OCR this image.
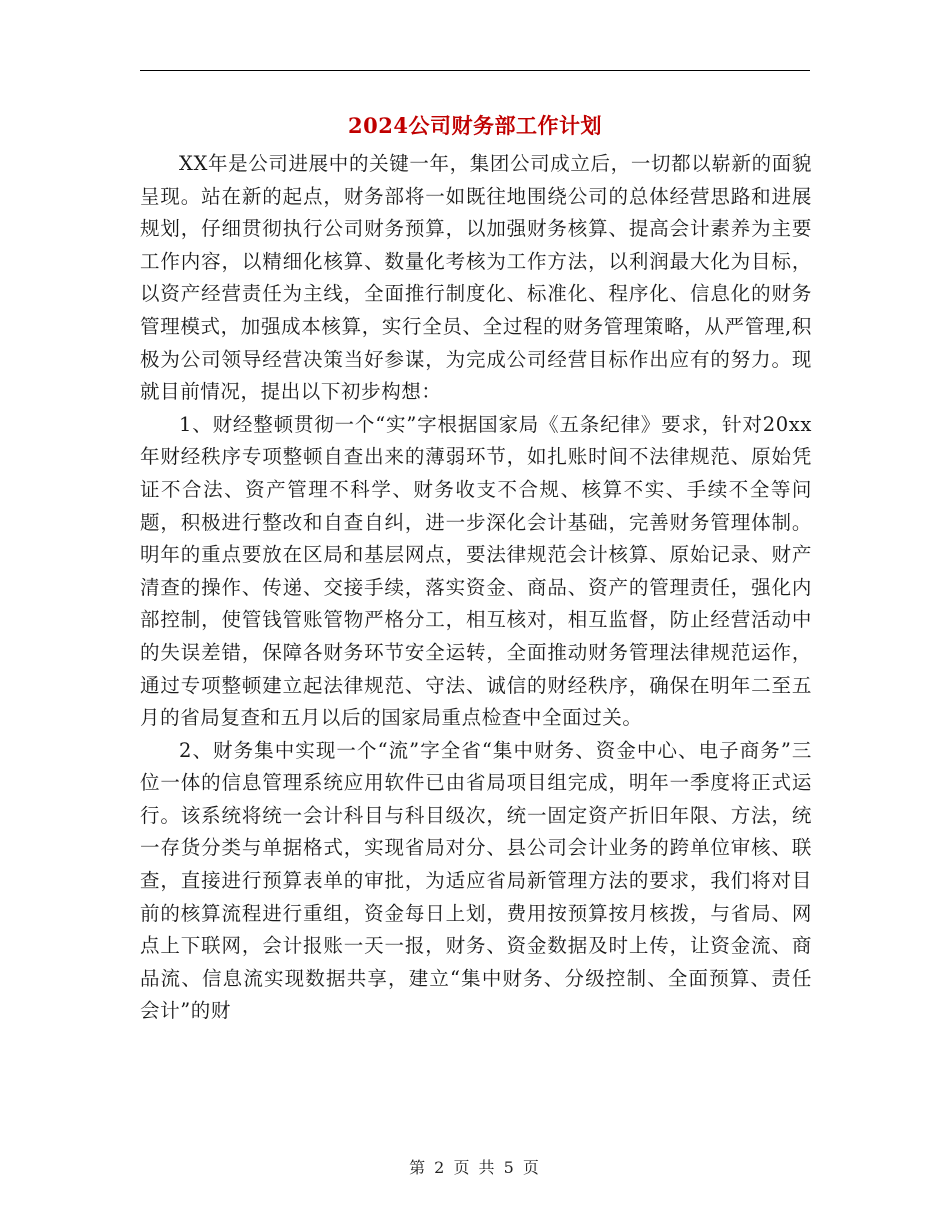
2024公司财务部工作计划

XX年是公司进展中的关键一年，集团公司成立后，一切都以崭新的面貌呈现。站在新的起点，财务部将一如既往地围绕公司的总体经营思路和进展规划，仔细贯彻执行公司财务预算，以加强财务核算、提高会计素养为主要工作内容，以精细化核算、数量化考核为工作方法，以利润最大化为目标，以资产经营责任为主线，全面推行制度化、标准化、程序化、信息化的财务管理模式，加强成本核算，实行全员、全过程的财务管理策略，从严管理,积极为公司领导经营决策当好参谋，为完成公司经营目标作出应有的努力。现就目前情况，提出以下初步构想：

1、财经整顿贯彻一个“实”字根据国家局《五条纪律》要求，针对20xx年财经秩序专项整顿自查出来的薄弱环节，如扎账时间不法律规范、原始凭证不合法、资产管理不科学、财务收支不合规、核算不实、手续不全等问题，积极进行整改和自查自纠，进一步深化会计基础，完善财务管理体制。明年的重点要放在区局和基层网点，要法律规范会计核算、原始记录、财产清查的操作、传递、交接手续，落实资金、商品、资产的管理责任，强化内部控制，使管钱管账管物严格分工，相互核对，相互监督，防止经营活动中的失误差错，保障各财务环节安全运转，全面推动财务管理法律规范运作，通过专项整顿建立起法律规范、守法、诚信的财经秩序，确保在明年二至五月的省局复查和五月以后的国家局重点检查中全面过关。

2、财务集中实现一个“流”字全省“集中财务、资金中心、电子商务”三位一体的信息管理系统应用软件已由省局项目组完成，明年一季度将正式运行。该系统将统一会计科目与科目级次，统一固定资产折旧年限、方法，统一存货分类与单据格式，实现省局对分、县公司会计业务的跨单位审核、联查，直接进行预算表单的审批，为适应省局新管理方法的要求，我们将对目前的核算流程进行重组，资金每日上划，费用按预算按月核拨，与省局、网点上下联网，会计报账一天一报，财务、资金数据及时上传，让资金流、商品流、信息流实现数据共享，建立“集中财务、分级控制、全面预算、责任会计”的财

第 2 页 共 5 页
